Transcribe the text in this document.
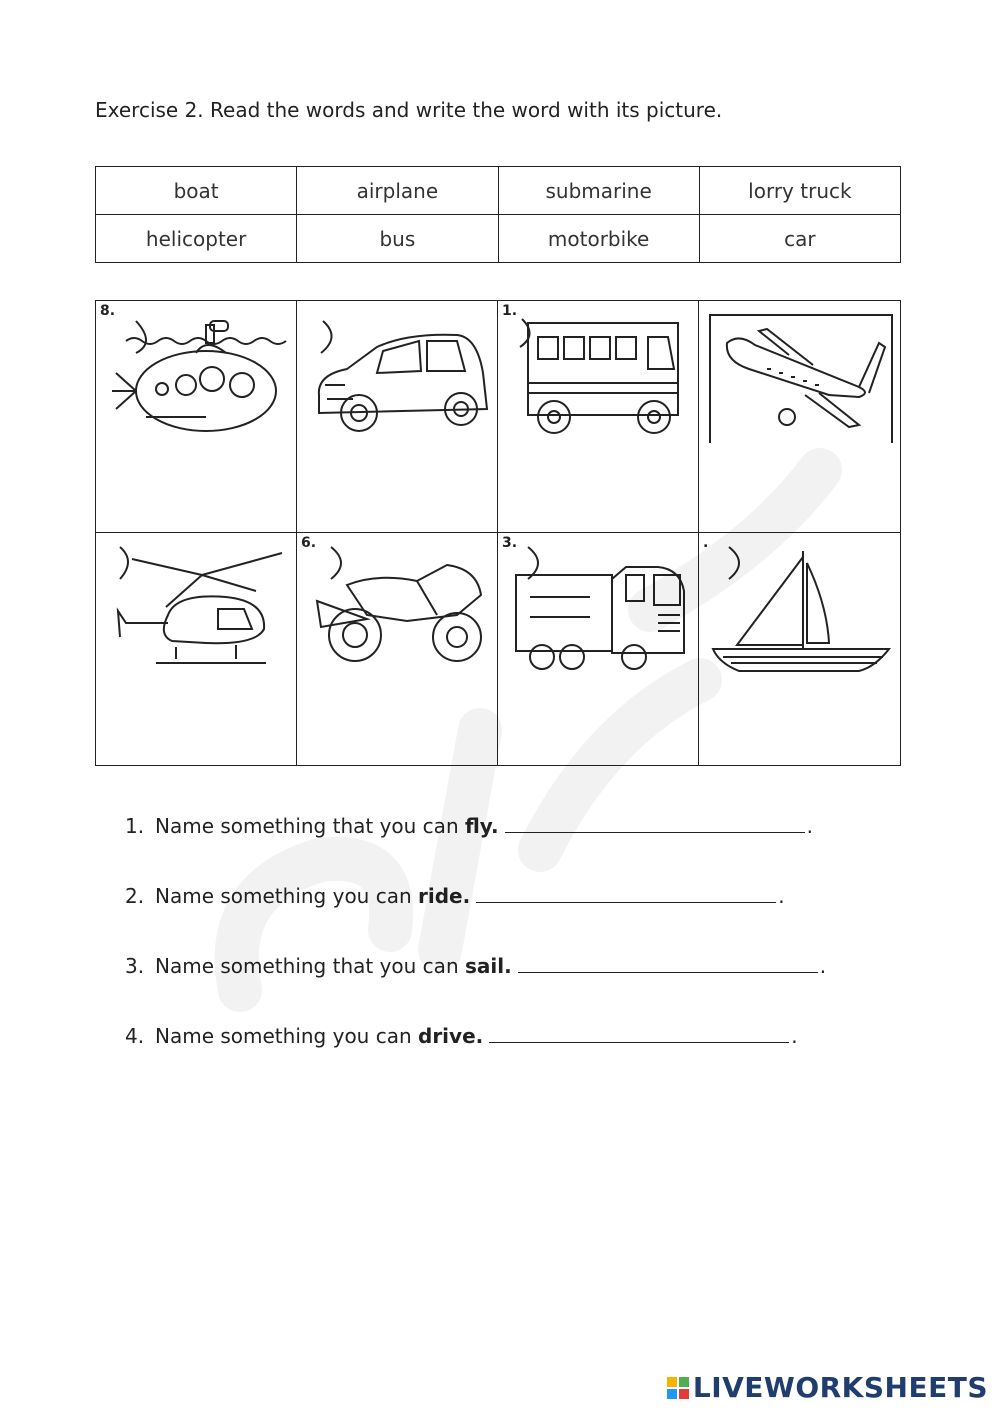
Exercise 2. Read the words and write the word with its picture.
boat	airplane	submarine	lorry truck
helicopter	bus	motorbike	car
8.	1.
6.	3.	.
1. Name something that you can fly.	.
2. Name something you can ride.	.
3. Name something that you can sail.	.
4. Name something you can drive.	.
LIVEWORKSHEETS
